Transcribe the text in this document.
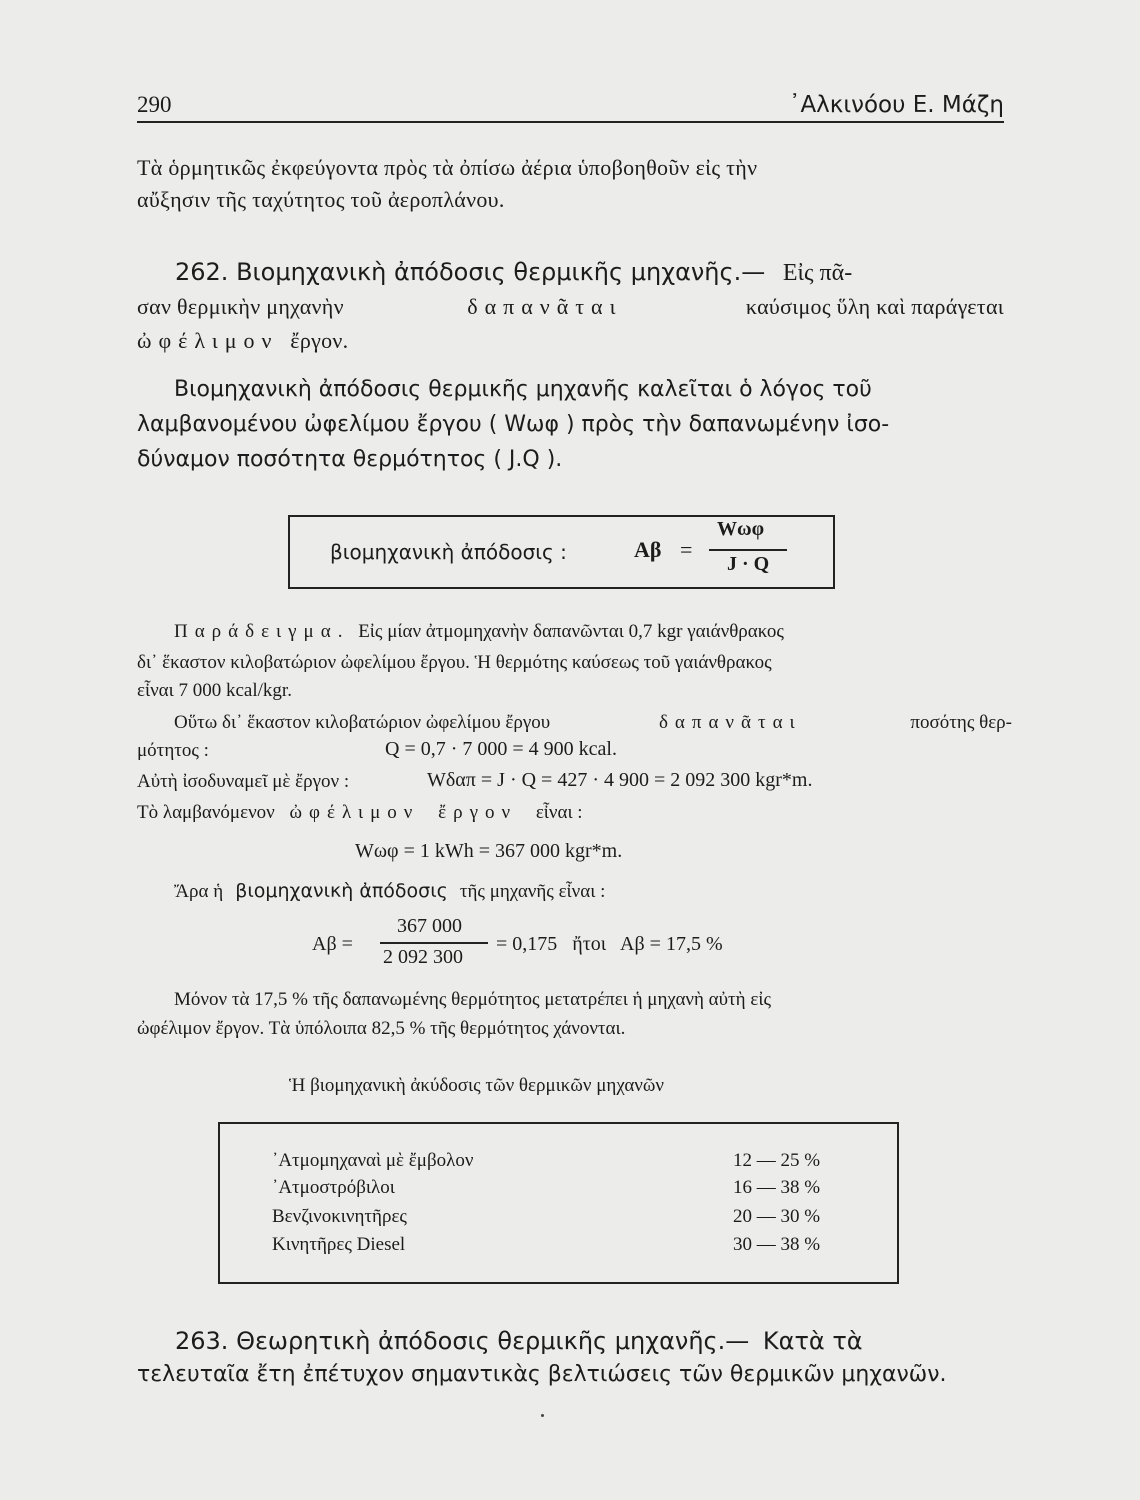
290	᾿Αλκινόου Ε. Μάζη
Τὰ ὁρμητικῶς ἐκφεύγοντα πρὸς τὰ ὀπίσω ἀέρια ὑποβοηθοῦν εἰς τὴν
αὔξησιν τῆς ταχύτητος τοῦ ἀεροπλάνου.
262. Βιομηχανικὴ ἀπόδοσις θερμικῆς μηχανῆς.— Εἰς πᾶ-
σαν θερμικὴν μηχανὴν	δαπανᾶται	καύσιμος ὕλη καὶ παράγεται
ὠφέλιμον ἔργον.
Βιομηχανικὴ ἀπόδοσις θερμικῆς μηχανῆς καλεῖται ὁ λόγος τοῦ
λαμβανομένου ὠφελίμου ἔργου ( Wωφ ) πρὸς τὴν δαπανωμένην ἰσο-
δύναμον ποσότητα θερμότητος ( J.Q ).
βιομηχανικὴ ἀπόδοσις :	Αβ =
Wωφ
J · Q
Παράδειγμα. Εἰς μίαν ἀτμομηχανὴν δαπανῶνται 0,7 kgr γαιάνθρακος
δι᾿ ἕκαστον κιλοβατώριον ὠφελίμου ἔργου. Ἡ θερμότης καύσεως τοῦ γαιάνθρακος
εἶναι 7 000 kcal/kgr.
Οὕτω δι᾿ ἕκαστον κιλοβατώριον ὠφελίμου ἔργου	δαπανᾶται	ποσότης θερ-
μότητος :	Q = 0,7 · 7 000 = 4 900 kcal.
Αὐτὴ ἰσοδυναμεῖ μὲ ἔργον :	Wδαπ = J · Q = 427 · 4 900 = 2 092 300 kgr*m.
Τὸ λαμβανόμενον ὠφέλιμον ἔργον εἶναι :
Wωφ = 1 kWh = 367 000 kgr*m.
Ἄρα ἡ βιομηχανικὴ ἀπόδοσις τῆς μηχανῆς εἶναι :
Αβ =
367 000
2 092 300
= 0,175   ἤτοι   Αβ = 17,5 %
Μόνον τὰ 17,5 % τῆς δαπανωμένης θερμότητος μετατρέπει ἡ μηχανὴ αὐτὴ εἰς
ὠφέλιμον ἔργον. Τὰ ὑπόλοιπα 82,5 % τῆς θερμότητος χάνονται.
Ἡ βιομηχανικὴ ἀκύδοσις τῶν θερμικῶν μηχανῶν
᾿Ατμομηχαναὶ μὲ ἔμβολον	12 — 25 %
᾿Ατμοστρόβιλοι	16 — 38 %
Βενζινοκινητῆρες	20 — 30 %
Κινητῆρες Diesel	30 — 38 %
263. Θεωρητικὴ ἀπόδοσις θερμικῆς μηχανῆς.— Κατὰ τὰ
τελευταῖα ἔτη ἐπέτυχον σημαντικὰς βελτιώσεις τῶν θερμικῶν μηχανῶν.
